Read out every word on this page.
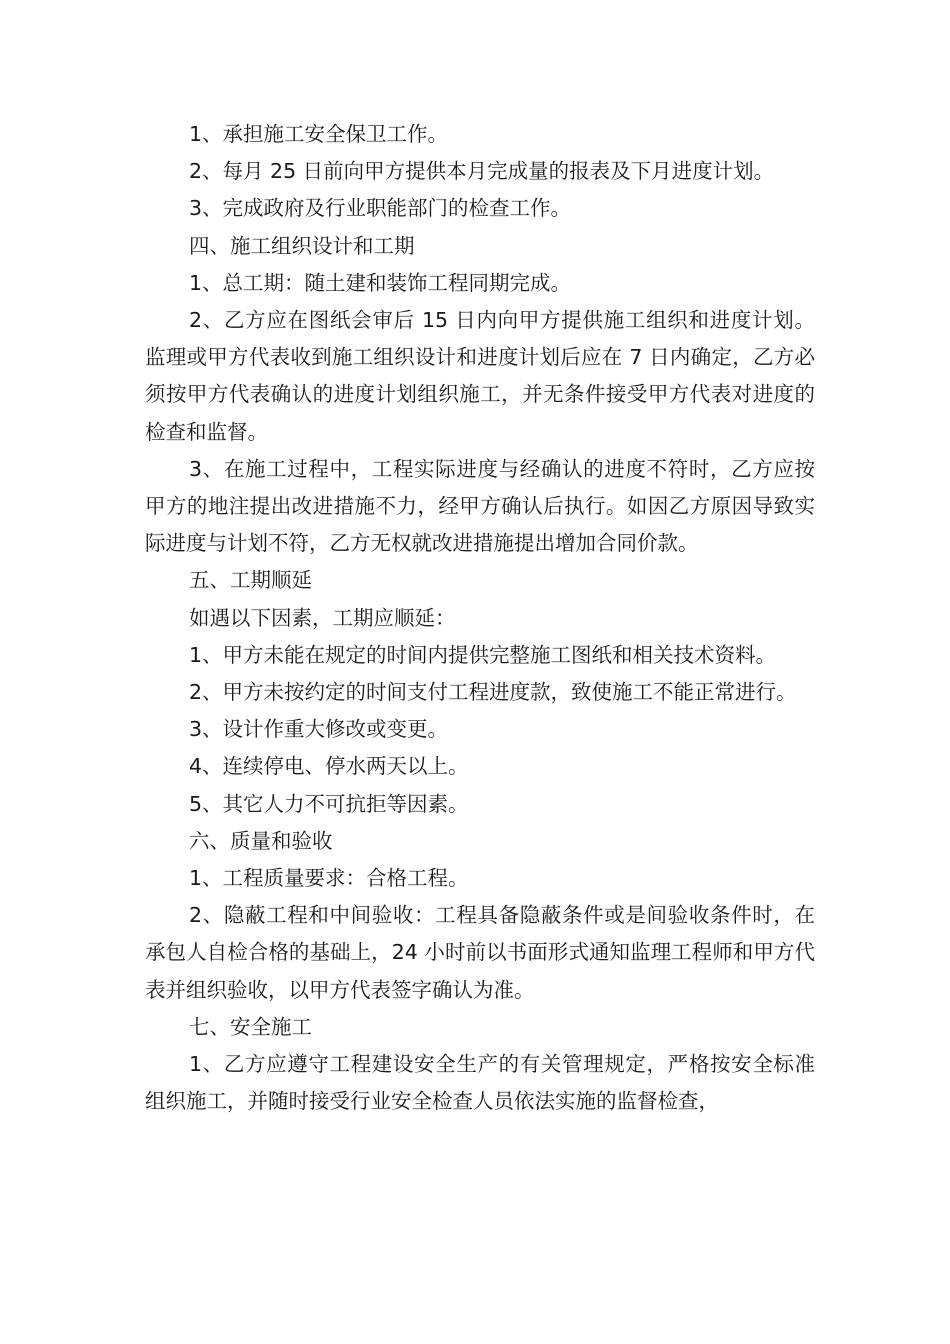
1、承担施工安全保卫工作。

2、每月 25 日前向甲方提供本月完成量的报表及下月进度计划。

3、完成政府及行业职能部门的检查工作。

四、施工组织设计和工期

1、总工期：随土建和装饰工程同期完成。

2、乙方应在图纸会审后 15 日内向甲方提供施工组织和进度计划。监理或甲方代表收到施工组织设计和进度计划后应在 7 日内确定，乙方必须按甲方代表确认的进度计划组织施工，并无条件接受甲方代表对进度的检查和监督。

3、在施工过程中，工程实际进度与经确认的进度不符时，乙方应按甲方的地注提出改进措施不力，经甲方确认后执行。如因乙方原因导致实际进度与计划不符，乙方无权就改进措施提出增加合同价款。

五、工期顺延

如遇以下因素，工期应顺延：

1、甲方未能在规定的时间内提供完整施工图纸和相关技术资料。

2、甲方未按约定的时间支付工程进度款，致使施工不能正常进行。

3、设计作重大修改或变更。

4、连续停电、停水两天以上。

5、其它人力不可抗拒等因素。

六、质量和验收

1、工程质量要求：合格工程。

2、隐蔽工程和中间验收：工程具备隐蔽条件或是间验收条件时，在承包人自检合格的基础上，24 小时前以书面形式通知监理工程师和甲方代表并组织验收，以甲方代表签字确认为准。

七、安全施工

1、乙方应遵守工程建设安全生产的有关管理规定，严格按安全标准组织施工，并随时接受行业安全检查人员依法实施的监督检查，
